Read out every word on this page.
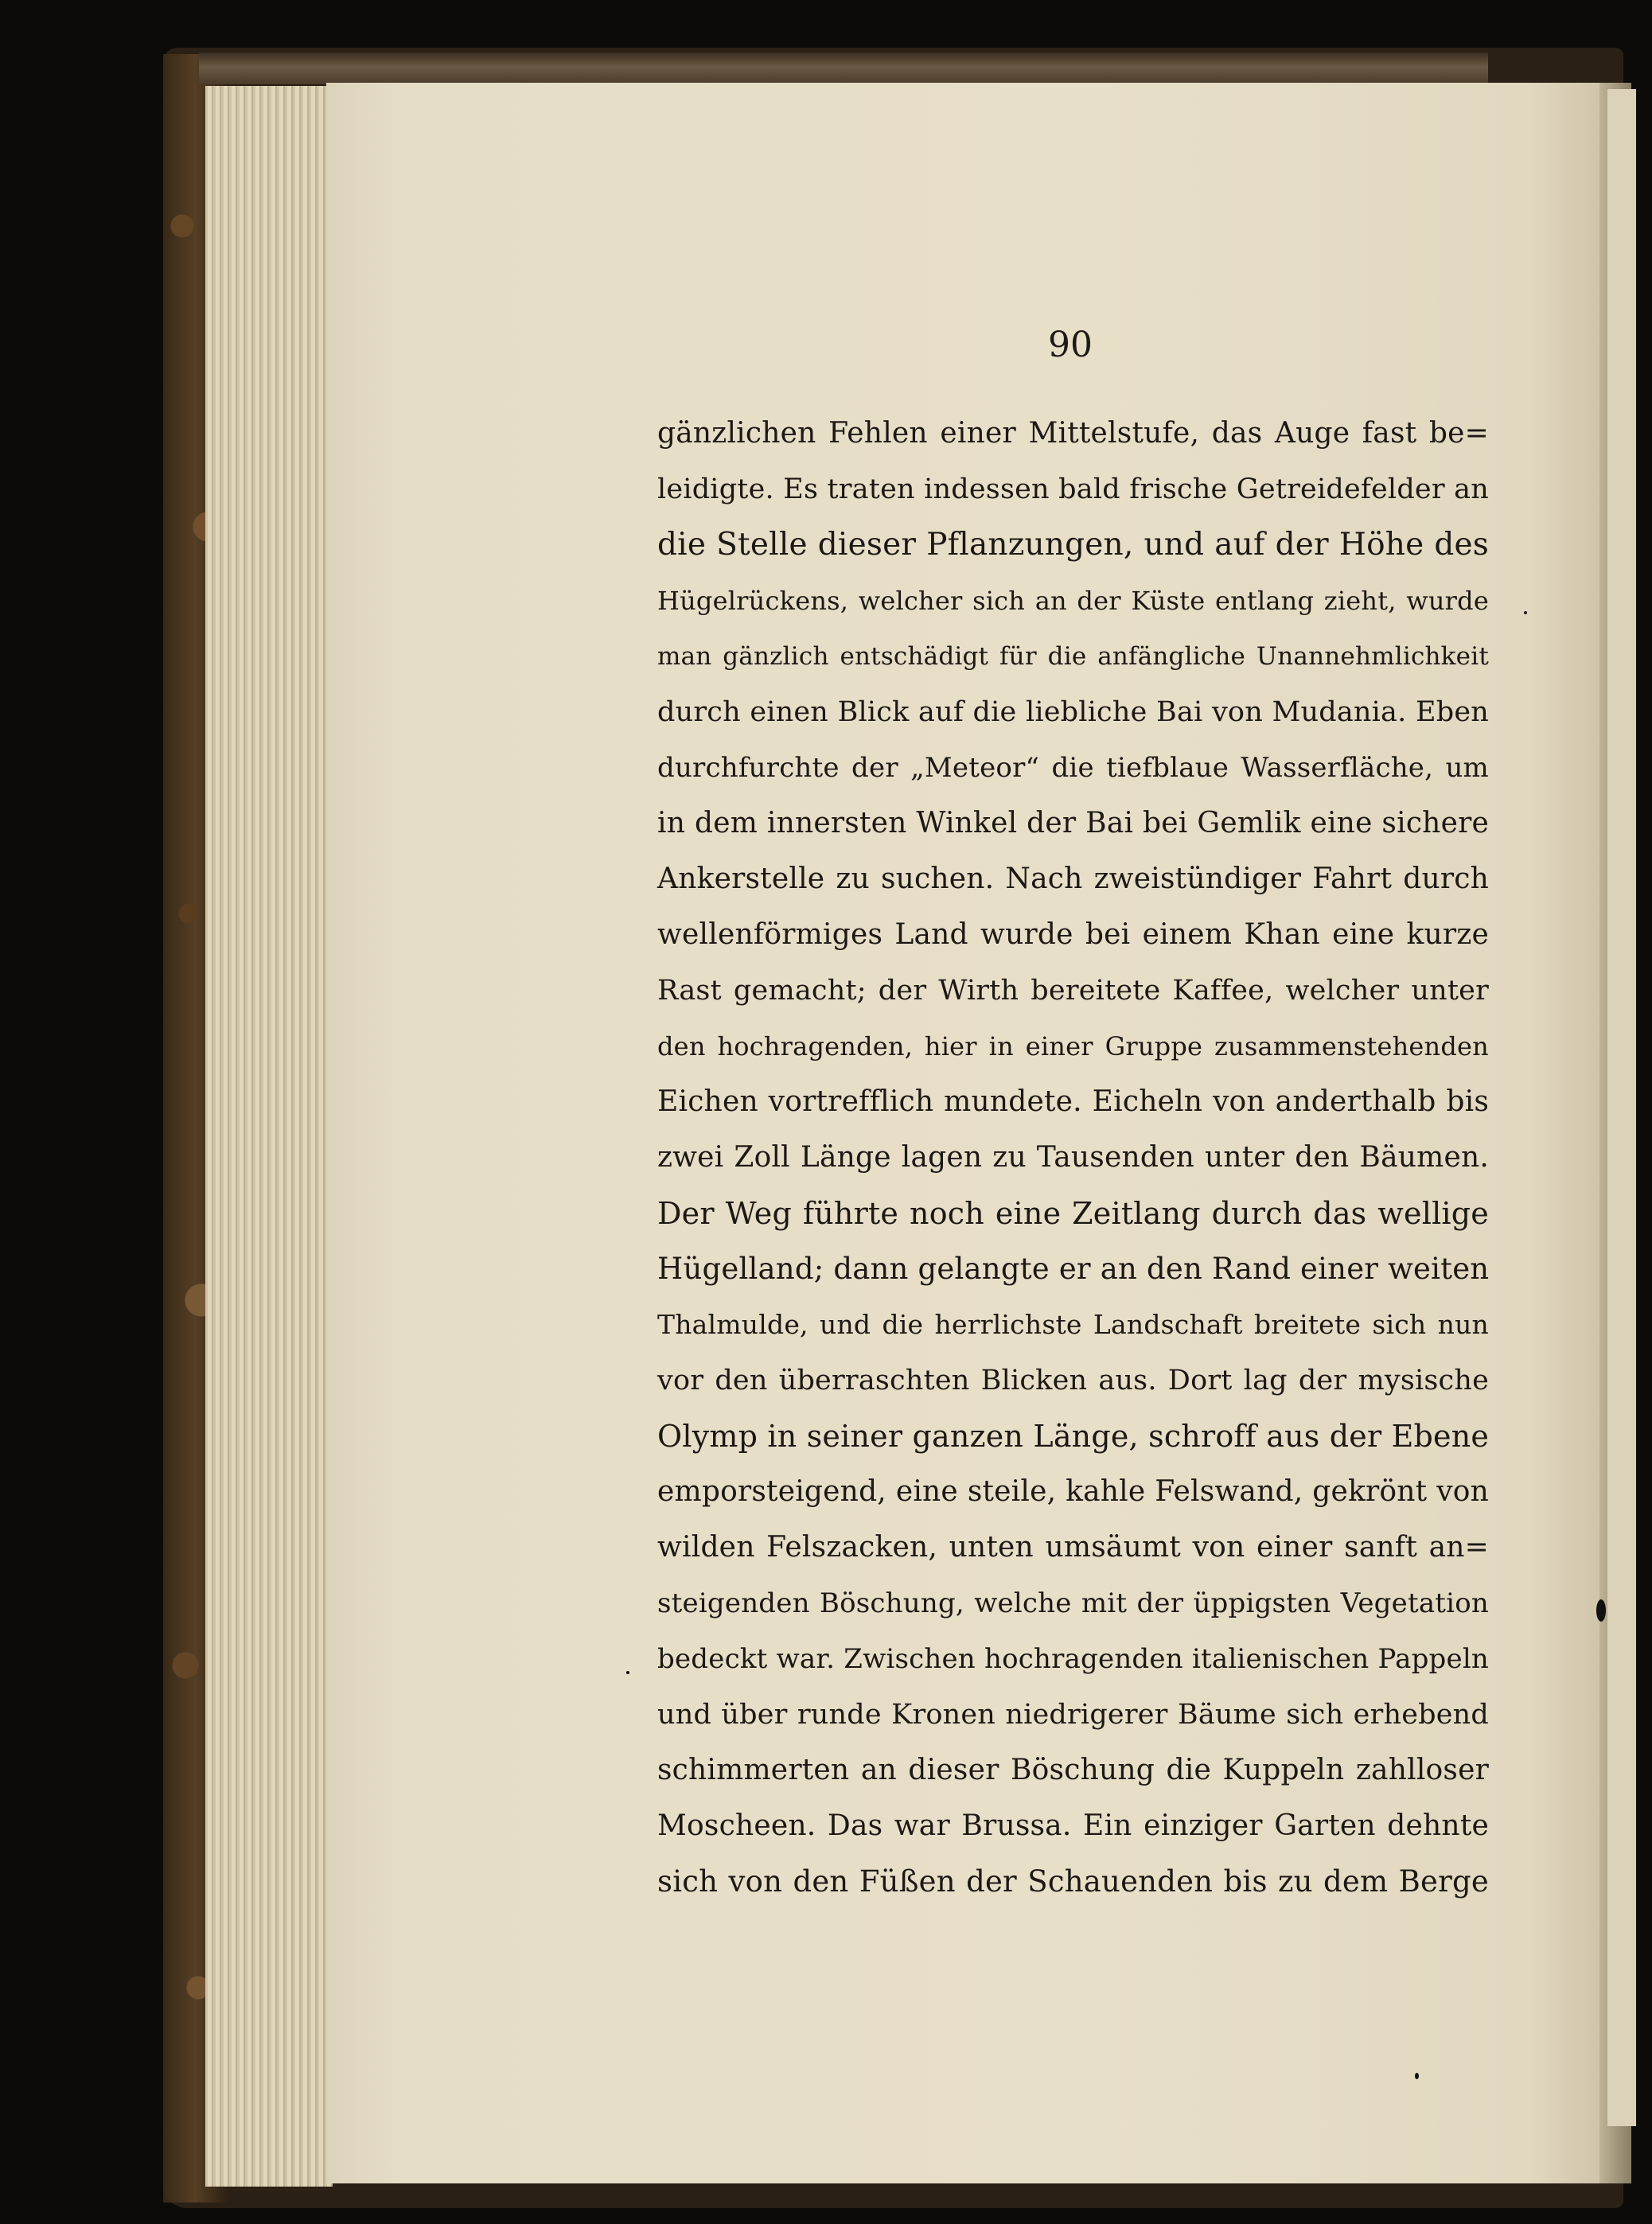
90
gänzlichen Fehlen einer Mittelstufe, das Auge fast be=
leidigte. Es traten indessen bald frische Getreidefelder an
die Stelle dieser Pflanzungen, und auf der Höhe des
Hügelrückens, welcher sich an der Küste entlang zieht, wurde
man gänzlich entschädigt für die anfängliche Unannehmlichkeit
durch einen Blick auf die liebliche Bai von Mudania. Eben
durchfurchte der „Meteor“ die tiefblaue Wasserfläche, um
in dem innersten Winkel der Bai bei Gemlik eine sichere
Ankerstelle zu suchen. Nach zweistündiger Fahrt durch
wellenförmiges Land wurde bei einem Khan eine kurze
Rast gemacht; der Wirth bereitete Kaffee, welcher unter
den hochragenden, hier in einer Gruppe zusammenstehenden
Eichen vortrefflich mundete. Eicheln von anderthalb bis
zwei Zoll Länge lagen zu Tausenden unter den Bäumen.
Der Weg führte noch eine Zeitlang durch das wellige
Hügelland; dann gelangte er an den Rand einer weiten
Thalmulde, und die herrlichste Landschaft breitete sich nun
vor den überraschten Blicken aus. Dort lag der mysische
Olymp in seiner ganzen Länge, schroff aus der Ebene
emporsteigend, eine steile, kahle Felswand, gekrönt von
wilden Felszacken, unten umsäumt von einer sanft an=
steigenden Böschung, welche mit der üppigsten Vegetation
bedeckt war. Zwischen hochragenden italienischen Pappeln
und über runde Kronen niedrigerer Bäume sich erhebend
schimmerten an dieser Böschung die Kuppeln zahlloser
Moscheen. Das war Brussa. Ein einziger Garten dehnte
sich von den Füßen der Schauenden bis zu dem Berge
